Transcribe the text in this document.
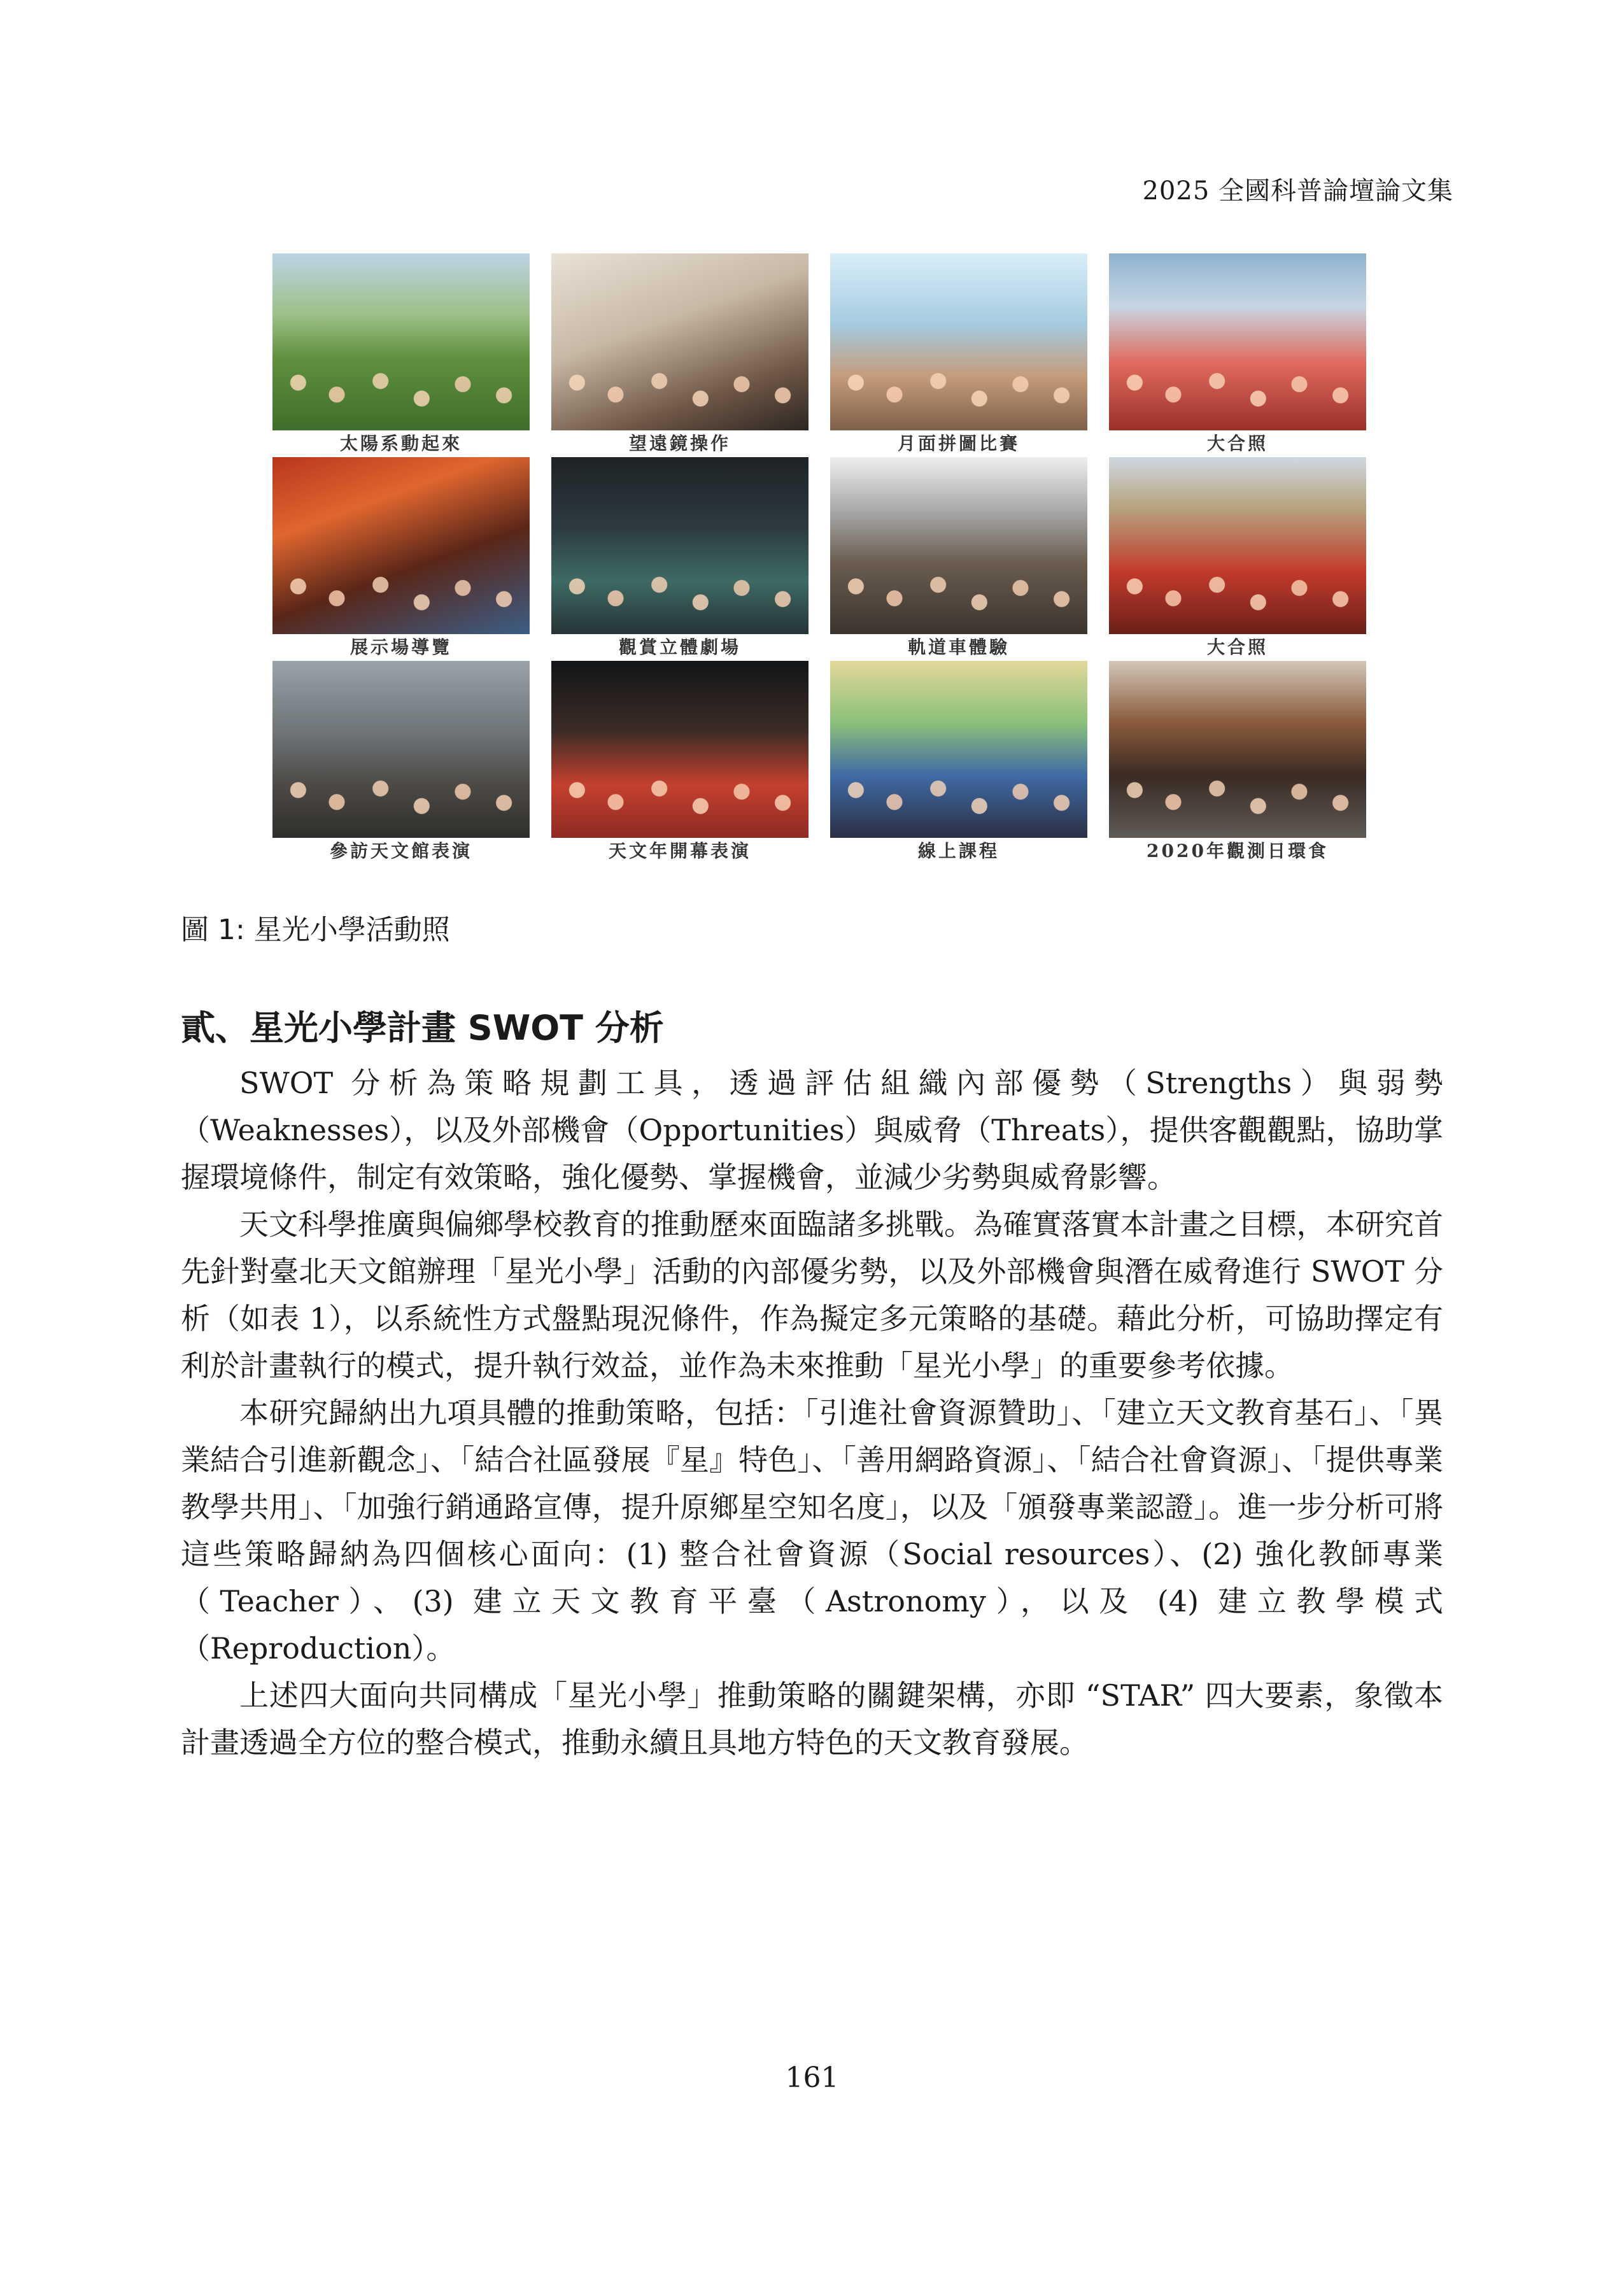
2025 全國科普論壇論文集
太陽系動起來	望遠鏡操作	月面拼圖比賽	大合照
展示場導覽	觀賞立體劇場	軌道車體驗	大合照
參訪天文館表演	天文年開幕表演	線上課程	2020年觀測日環食
圖 1: 星光小學活動照
貳、星光小學計畫 SWOT 分析

SWOT 分析為策略規劃工具，透過評估組織內部優勢（Strengths）與弱勢（Weaknesses），以及外部機會（Opportunities）與威脅（Threats），提供客觀觀點，協助掌握環境條件，制定有效策略，強化優勢、掌握機會，並減少劣勢與威脅影響。

天文科學推廣與偏鄉學校教育的推動歷來面臨諸多挑戰。為確實落實本計畫之目標，本研究首先針對臺北天文館辦理「星光小學」活動的內部優劣勢，以及外部機會與潛在威脅進行 SWOT 分析（如表 1），以系統性方式盤點現況條件，作為擬定多元策略的基礎。藉此分析，可協助擇定有利於計畫執行的模式，提升執行效益，並作為未來推動「星光小學」的重要參考依據。

本研究歸納出九項具體的推動策略，包括：「引進社會資源贊助」、「建立天文教育基石」、「異業結合引進新觀念」、「結合社區發展『星』特色」、「善用網路資源」、「結合社會資源」、「提供專業教學共用」、「加強行銷通路宣傳，提升原鄉星空知名度」，以及「頒發專業認證」。進一步分析可將這些策略歸納為四個核心面向：(1) 整合社會資源（Social resources）、(2) 強化教師專業（Teacher）、(3) 建立天文教育平臺（Astronomy），以及 (4) 建立教學模式（Reproduction）。

上述四大面向共同構成「星光小學」推動策略的關鍵架構，亦即 “STAR” 四大要素，象徵本計畫透過全方位的整合模式，推動永續且具地方特色的天文教育發展。

161
